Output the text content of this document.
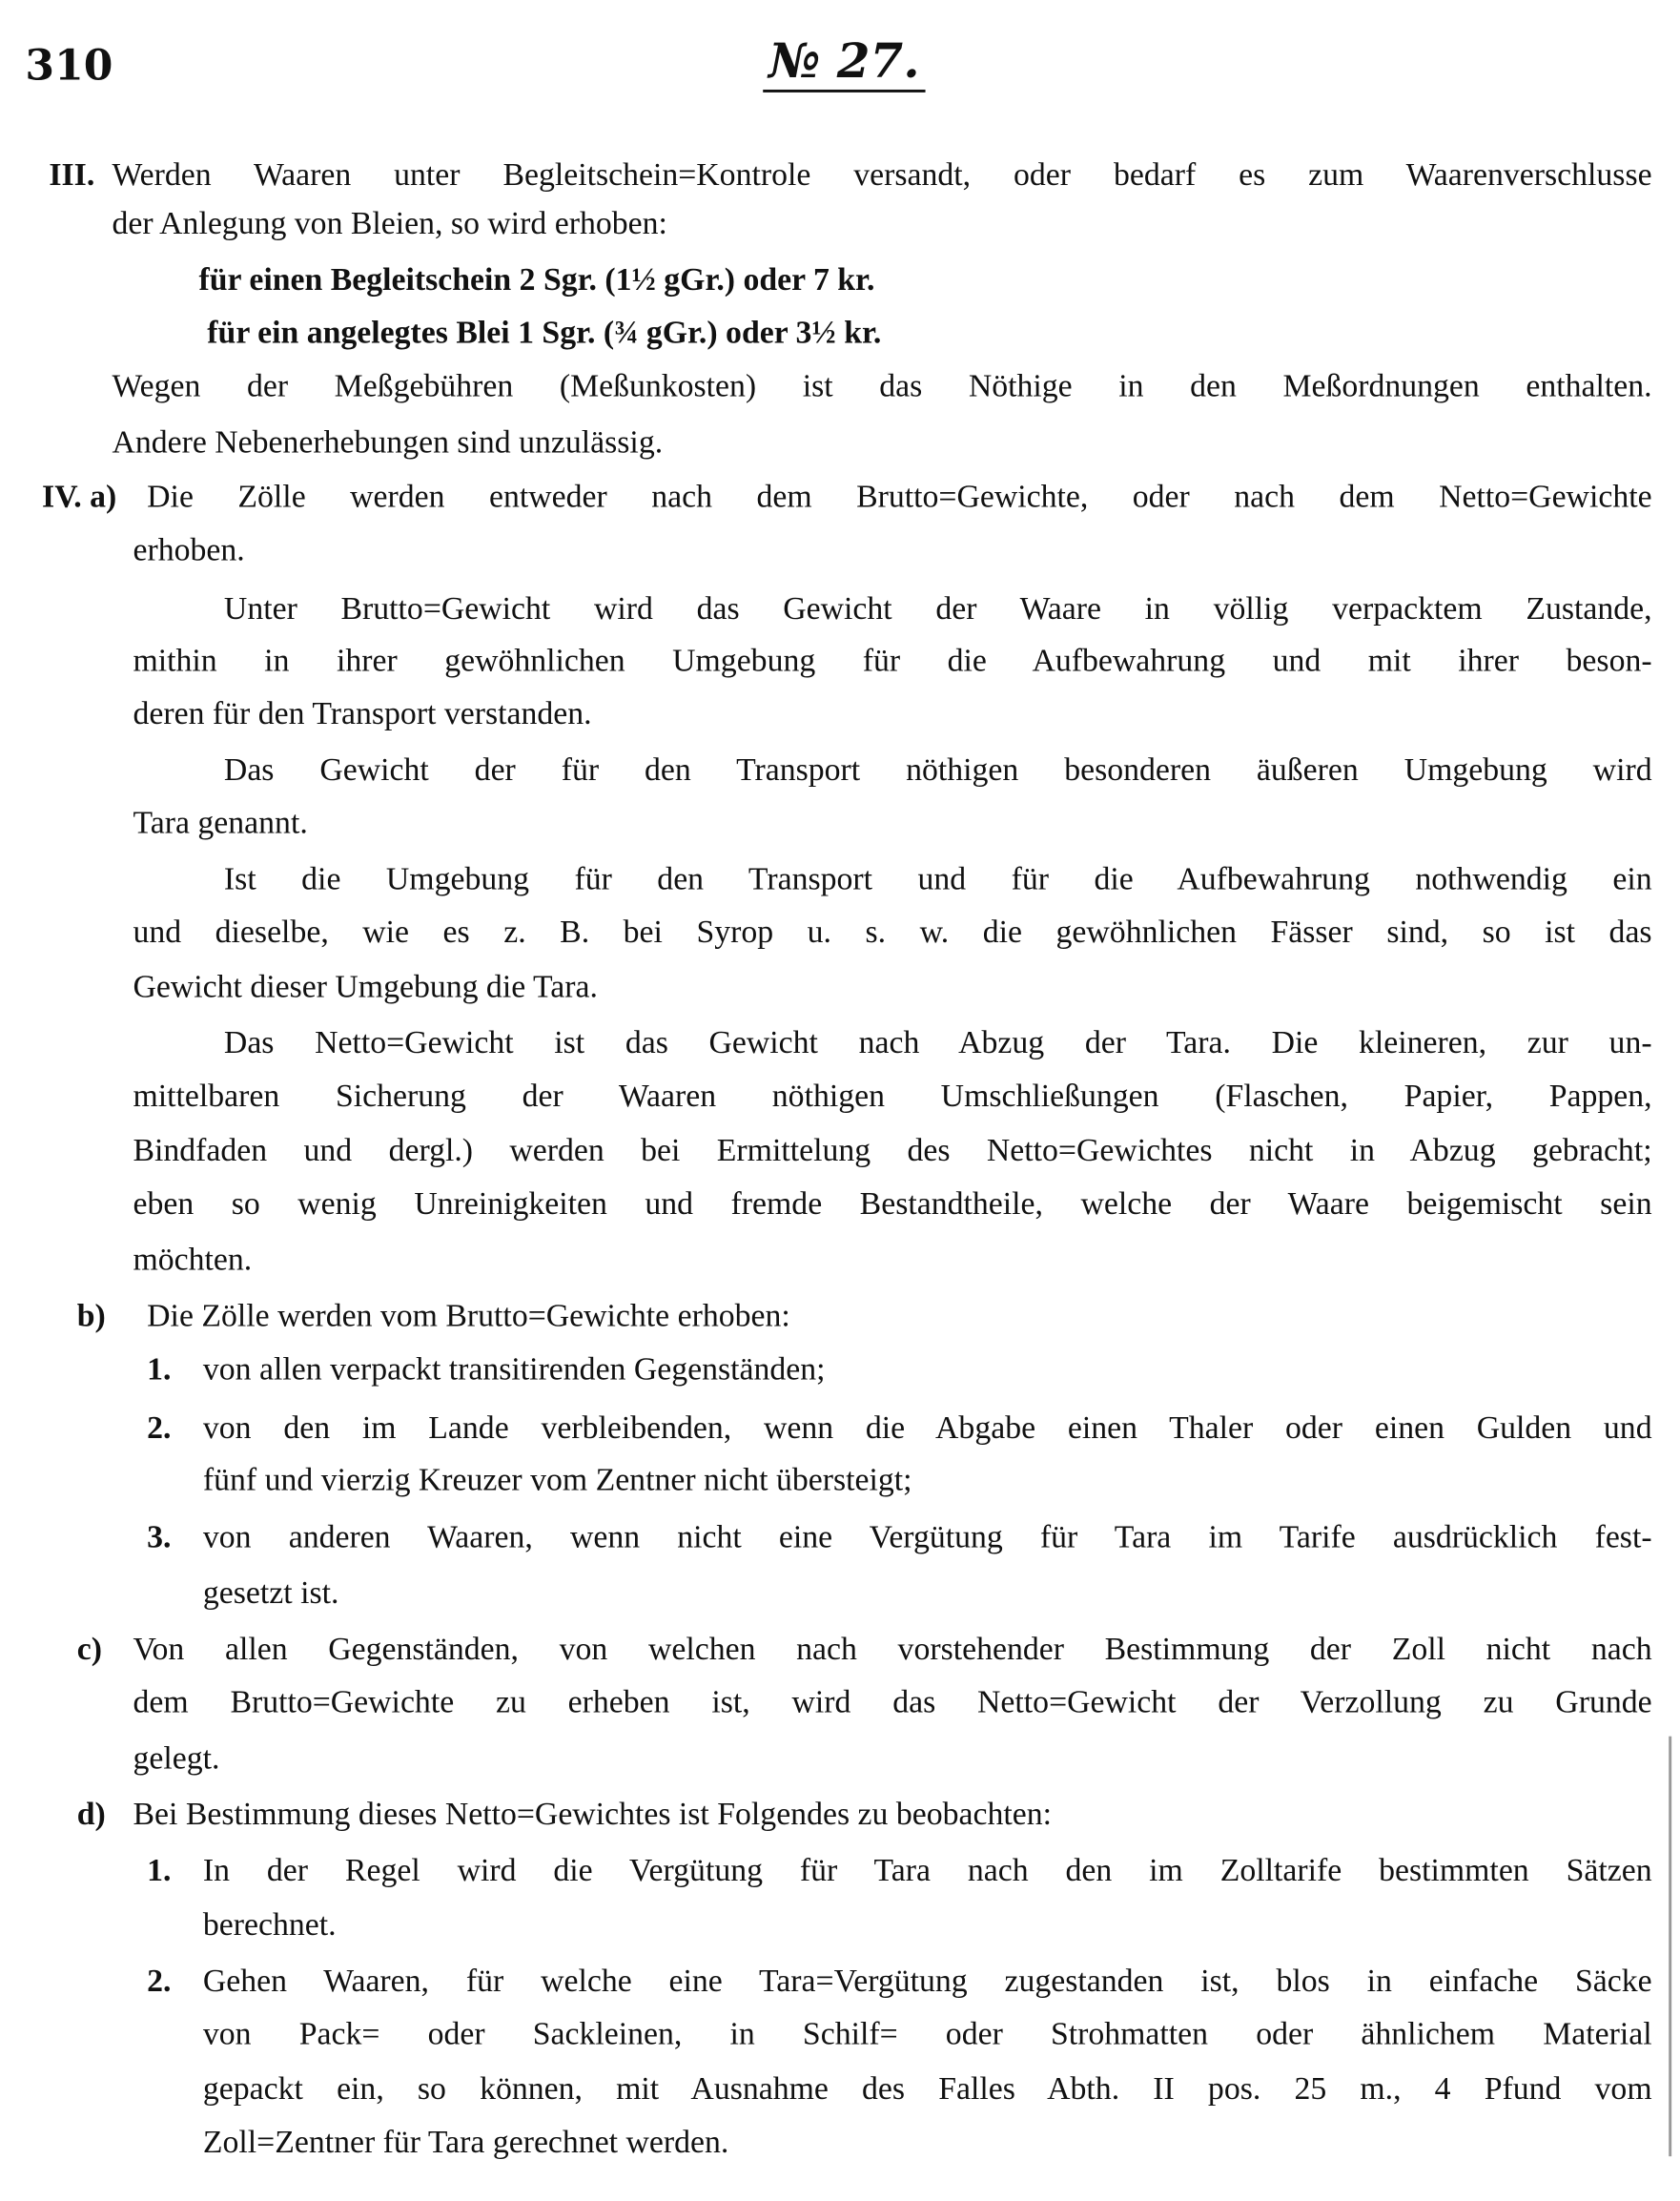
310	№ 27.
III. Werden Waaren unter Begleitschein=Kontrole versandt, oder bedarf es zum Waarenverschlusse
der Anlegung von Bleien, so wird erhoben:
für einen Begleitschein 2 Sgr. (1½ gGr.) oder 7 kr.
für ein angelegtes Blei 1 Sgr. (¾ gGr.) oder 3½ kr.
Wegen der Meßgebühren (Meßunkosten) ist das Nöthige in den Meßordnungen enthalten.
Andere Nebenerhebungen sind unzulässig.
IV. a) Die Zölle werden entweder nach dem Brutto=Gewichte, oder nach dem Netto=Gewichte
erhoben.
Unter Brutto=Gewicht wird das Gewicht der Waare in völlig verpacktem Zustande,
mithin in ihrer gewöhnlichen Umgebung für die Aufbewahrung und mit ihrer beson-
deren für den Transport verstanden.
Das Gewicht der für den Transport nöthigen besonderen äußeren Umgebung wird
Tara genannt.
Ist die Umgebung für den Transport und für die Aufbewahrung nothwendig ein
und dieselbe, wie es z. B. bei Syrop u. s. w. die gewöhnlichen Fässer sind, so ist das
Gewicht dieser Umgebung die Tara.
Das Netto=Gewicht ist das Gewicht nach Abzug der Tara. Die kleineren, zur un-
mittelbaren Sicherung der Waaren nöthigen Umschließungen (Flaschen, Papier, Pappen,
Bindfaden und dergl.) werden bei Ermittelung des Netto=Gewichtes nicht in Abzug gebracht;
eben so wenig Unreinigkeiten und fremde Bestandtheile, welche der Waare beigemischt sein
möchten.
b) Die Zölle werden vom Brutto=Gewichte erhoben:
1. von allen verpackt transitirenden Gegenständen;
2. von den im Lande verbleibenden, wenn die Abgabe einen Thaler oder einen Gulden und
fünf und vierzig Kreuzer vom Zentner nicht übersteigt;
3. von anderen Waaren, wenn nicht eine Vergütung für Tara im Tarife ausdrücklich fest-
gesetzt ist.
c) Von allen Gegenständen, von welchen nach vorstehender Bestimmung der Zoll nicht nach
dem Brutto=Gewichte zu erheben ist, wird das Netto=Gewicht der Verzollung zu Grunde
gelegt.
d) Bei Bestimmung dieses Netto=Gewichtes ist Folgendes zu beobachten:
1. In der Regel wird die Vergütung für Tara nach den im Zolltarife bestimmten Sätzen
berechnet.
2. Gehen Waaren, für welche eine Tara=Vergütung zugestanden ist, blos in einfache Säcke
von Pack= oder Sackleinen, in Schilf= oder Strohmatten oder ähnlichem Material
gepackt ein, so können, mit Ausnahme des Falles Abth. II pos. 25 m., 4 Pfund vom
Zoll=Zentner für Tara gerechnet werden.
